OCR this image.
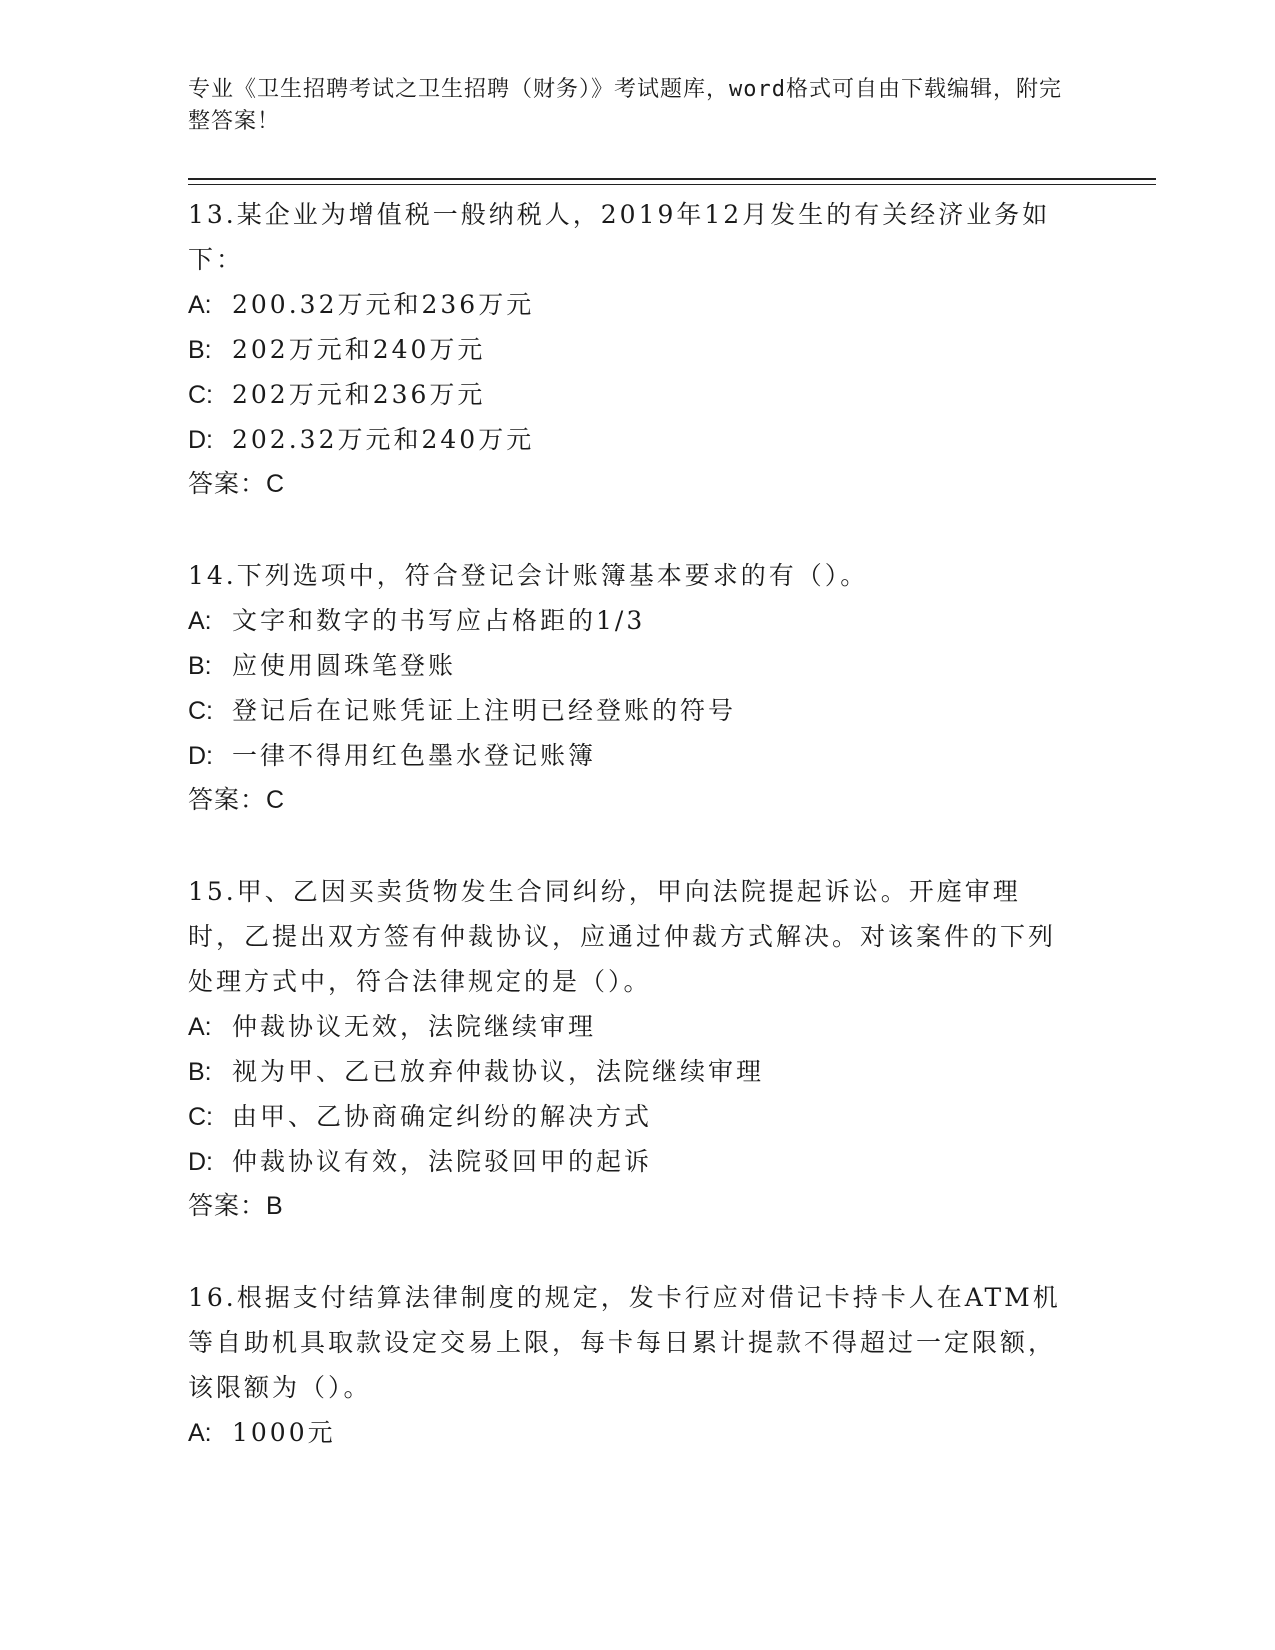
专业《卫生招聘考试之卫生招聘（财务）》考试题库，word格式可自由下载编辑，附完整答案！
13.某企业为增值税一般纳税人，2019年12月发生的有关经济业务如下：
A: 200.32万元和236万元
B: 202万元和240万元
C: 202万元和236万元
D: 202.32万元和240万元
答案：C
14.下列选项中，符合登记会计账簿基本要求的有（）。
A: 文字和数字的书写应占格距的1/3
B: 应使用圆珠笔登账
C: 登记后在记账凭证上注明已经登账的符号
D: 一律不得用红色墨水登记账簿
答案：C
15.甲、乙因买卖货物发生合同纠纷，甲向法院提起诉讼。开庭审理时，乙提出双方签有仲裁协议，应通过仲裁方式解决。对该案件的下列处理方式中，符合法律规定的是（）。
A: 仲裁协议无效，法院继续审理
B: 视为甲、乙已放弃仲裁协议，法院继续审理
C: 由甲、乙协商确定纠纷的解决方式
D: 仲裁协议有效，法院驳回甲的起诉
答案：B
16.根据支付结算法律制度的规定，发卡行应对借记卡持卡人在ATM机等自助机具取款设定交易上限，每卡每日累计提款不得超过一定限额，该限额为（）。
A: 1000元
